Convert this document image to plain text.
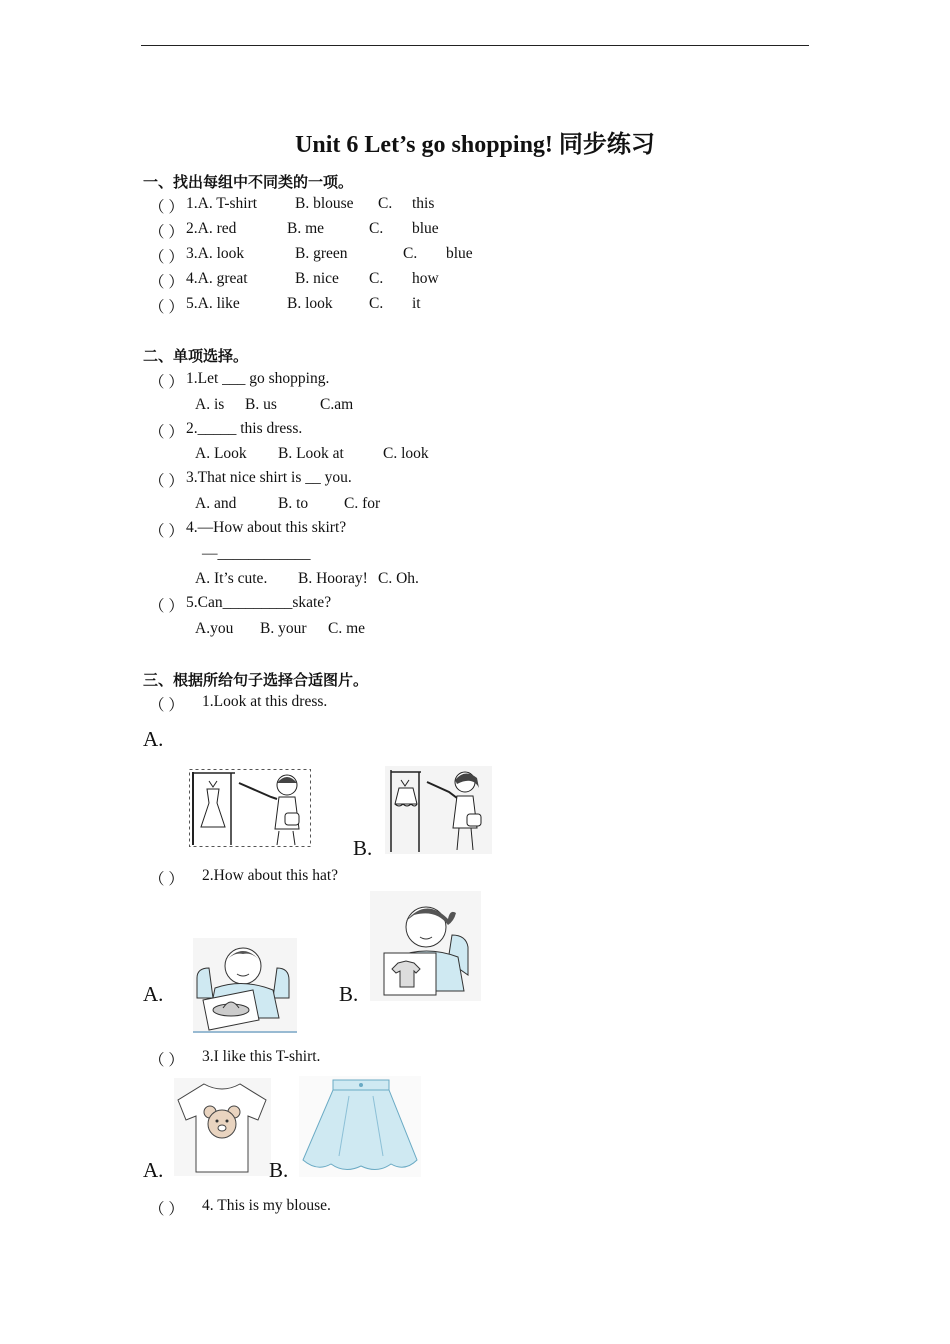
Unit 6 Let’s go shopping! 同步练习
一、找出每组中不同类的一项。
（ ） 1.A. T-shirt B. blouse C. this
（ ） 2.A. red	B. me	C. blue
（ ） 3.A. look	B. green	C. blue
（ ） 4.A. great	B. nice C. how
（ ） 5.A. like	B. look C. it
二、单项选择。
（ ） 1.Let ___ go shopping.
A. is B. us	C.am
（ ） 2._____ this dress.
A. Look B. Look at	C. look
（ ） 3.That nice shirt is __ you.
A. and	B. to C. for
（ ） 4.—How about this skirt?
—____________
A. It’s cute. B. Hooray! C. Oh.
（ ） 5.Can_________skate?
A.you B. your C. me
三、根据所给句子选择合适图片。
（ ） 1.Look at this dress.
A.
B.
（ ） 2.How about this hat?
A.	B.
（ ） 3.I like this T-shirt.
A.	B.
（ ） 4. This is my blouse.
